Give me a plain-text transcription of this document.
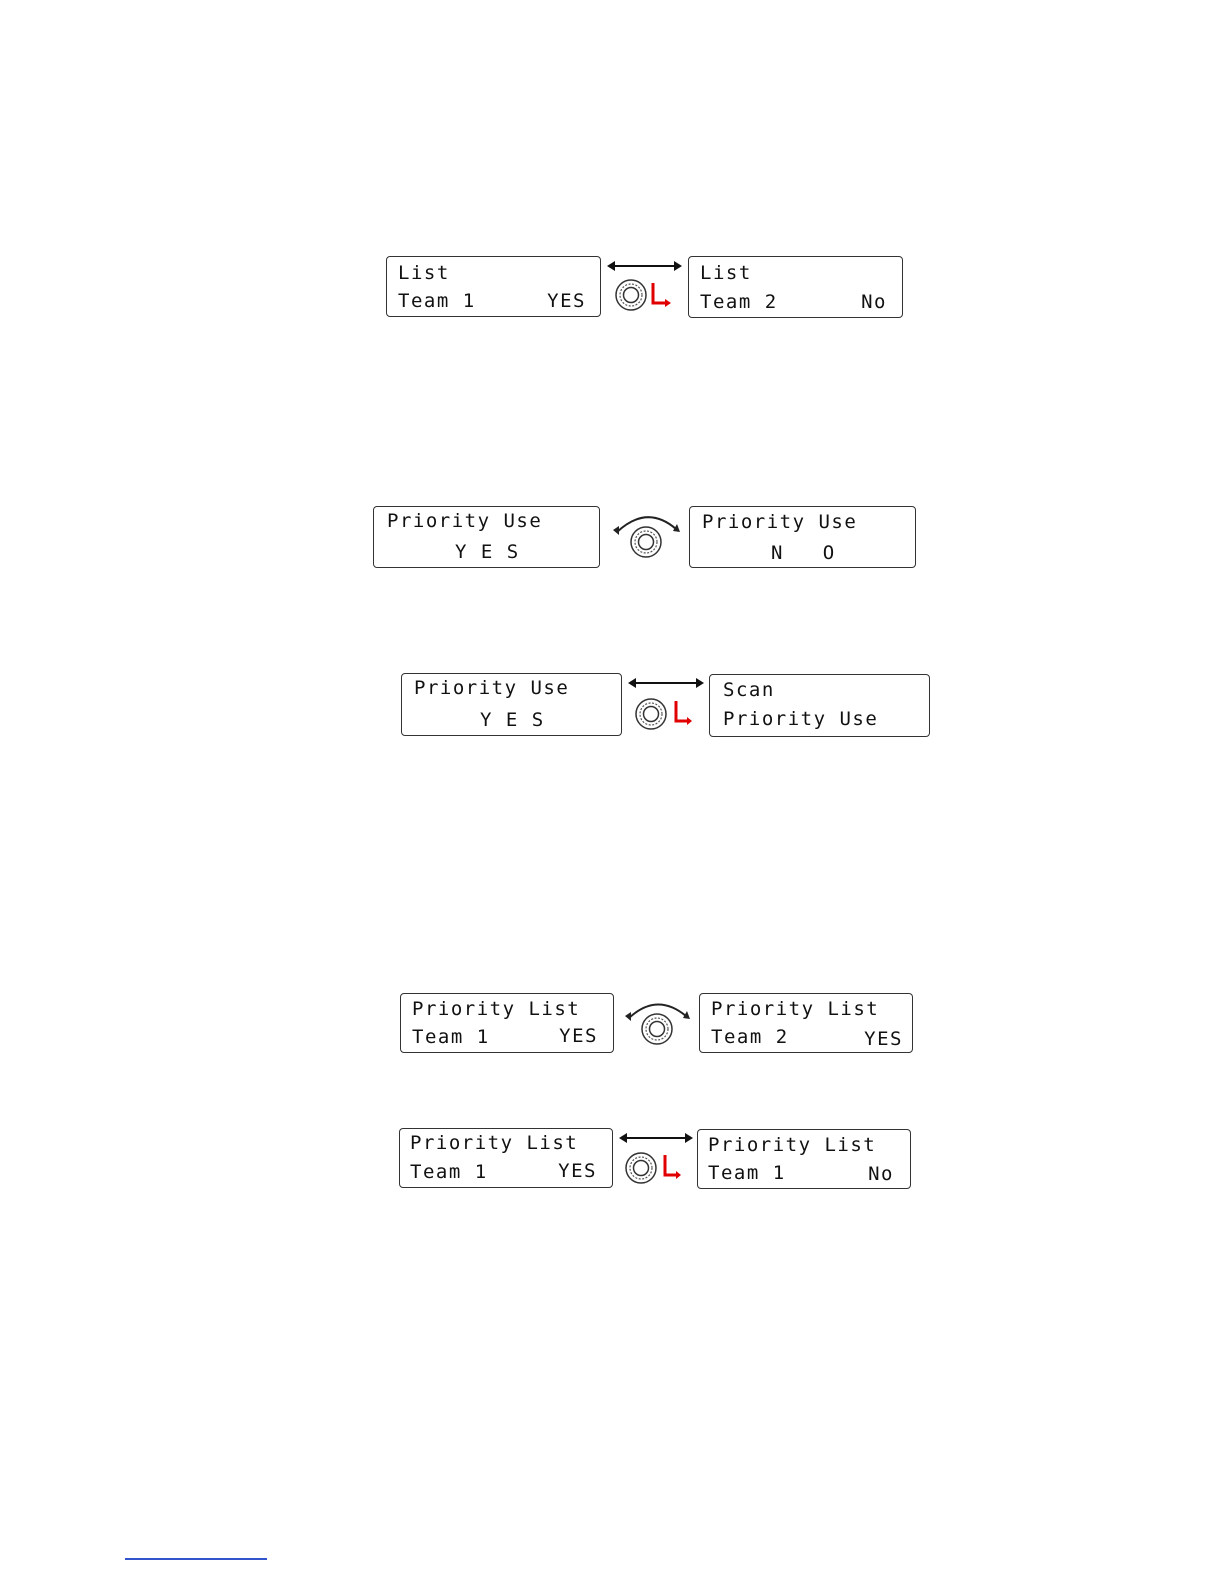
List
Team 1	YES
List
Team 2	No
Priority Use
Y E S
Priority Use
N   O
Priority Use
Y E S
Scan
Priority Use
Priority List
Team 1	YES
Priority List
Team 2	YES
Priority List
Team 1	YES
Priority List
Team 1	No
